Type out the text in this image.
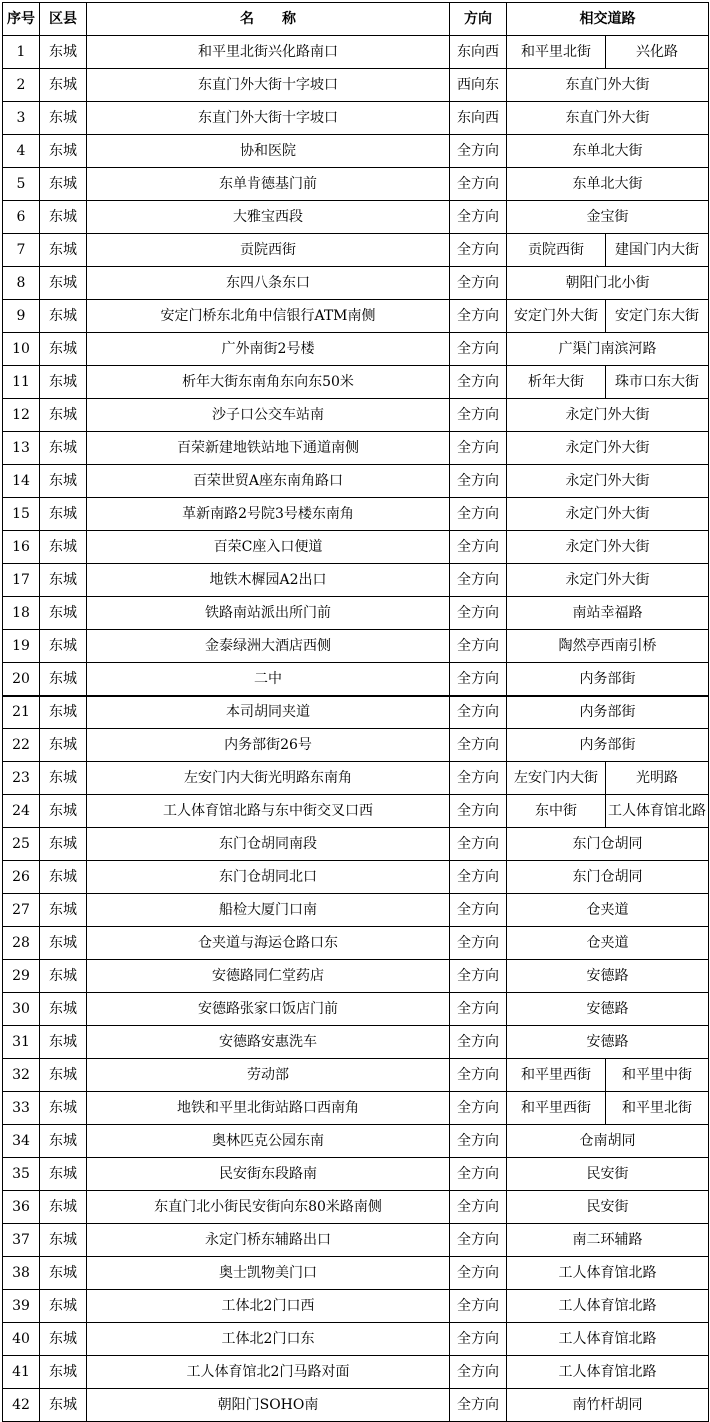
序号	区县	名　　称	方向	相交道路	
1	东城	和平里北街兴化路南口	东向西	和平里北街	兴化路
2	东城	东直门外大街十字坡口	西向东	东直门外大街	
3	东城	东直门外大街十字坡口	东向西	东直门外大街	
4	东城	协和医院	全方向	东单北大街	
5	东城	东单肯德基门前	全方向	东单北大街	
6	东城	大雅宝西段	全方向	金宝街	
7	东城	贡院西街	全方向	贡院西街	建国门内大街
8	东城	东四八条东口	全方向	朝阳门北小街	
9	东城	安定门桥东北角中信银行ATM南侧	全方向	安定门外大街	安定门东大街
10	东城	广外南街2号楼	全方向	广渠门南滨河路	
11	东城	析年大街东南角东向东50米	全方向	析年大街	珠市口东大街
12	东城	沙子口公交车站南	全方向	永定门外大街	
13	东城	百荣新建地铁站地下通道南侧	全方向	永定门外大街	
14	东城	百荣世贸A座东南角路口	全方向	永定门外大街	
15	东城	革新南路2号院3号楼东南角	全方向	永定门外大街	
16	东城	百荣C座入口便道	全方向	永定门外大街	
17	东城	地铁木樨园A2出口	全方向	永定门外大街	
18	东城	铁路南站派出所门前	全方向	南站幸福路	
19	东城	金泰绿洲大酒店西侧	全方向	陶然亭西南引桥	
20	东城	二中	全方向	内务部街	
21	东城	本司胡同夹道	全方向	内务部街	
22	东城	内务部街26号	全方向	内务部街	
23	东城	左安门内大街光明路东南角	全方向	左安门内大街	光明路
24	东城	工人体育馆北路与东中街交叉口西	全方向	东中街	工人体育馆北路
25	东城	东门仓胡同南段	全方向	东门仓胡同	
26	东城	东门仓胡同北口	全方向	东门仓胡同	
27	东城	船检大厦门口南	全方向	仓夹道	
28	东城	仓夹道与海运仓路口东	全方向	仓夹道	
29	东城	安德路同仁堂药店	全方向	安德路	
30	东城	安德路张家口饭店门前	全方向	安德路	
31	东城	安德路安惠洗车	全方向	安德路	
32	东城	劳动部	全方向	和平里西街	和平里中街
33	东城	地铁和平里北街站路口西南角	全方向	和平里西街	和平里北街
34	东城	奥林匹克公园东南	全方向	仓南胡同	
35	东城	民安街东段路南	全方向	民安街	
36	东城	东直门北小街民安街向东80米路南侧	全方向	民安街	
37	东城	永定门桥东辅路出口	全方向	南二环辅路	
38	东城	奥士凯物美门口	全方向	工人体育馆北路	
39	东城	工体北2门口西	全方向	工人体育馆北路	
40	东城	工体北2门口东	全方向	工人体育馆北路	
41	东城	工人体育馆北2门马路对面	全方向	工人体育馆北路	
42	东城	朝阳门SOHO南	全方向	南竹杆胡同	
